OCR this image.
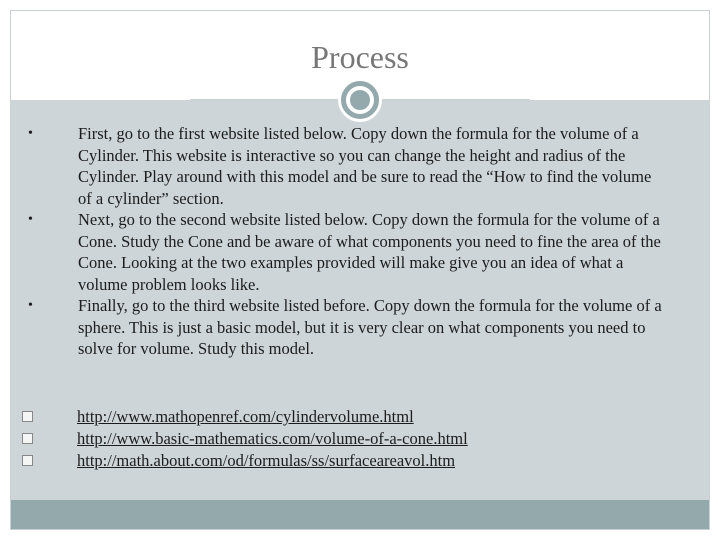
Process
•	First, go to the first website listed below. Copy down the formula for the volume of a Cylinder. This website is interactive so you can change the height and radius of the Cylinder. Play around with this model and be sure to read the “How to find the volume of a cylinder” section.
•	Next, go to the second website listed below. Copy down the formula for the volume of a Cone. Study the Cone and be aware of what components you need to fine the area of the Cone. Looking at the two examples provided will make give you an idea of what a volume problem looks like.
•	Finally, go to the third website listed before. Copy down the formula for the volume of a sphere. This is just a basic model, but it is very clear on what components you need to solve for volume. Study this model.
http://www.mathopenref.com/cylindervolume.html
http://www.basic-mathematics.com/volume-of-a-cone.html
http://math.about.com/od/formulas/ss/surfaceareavol.htm
